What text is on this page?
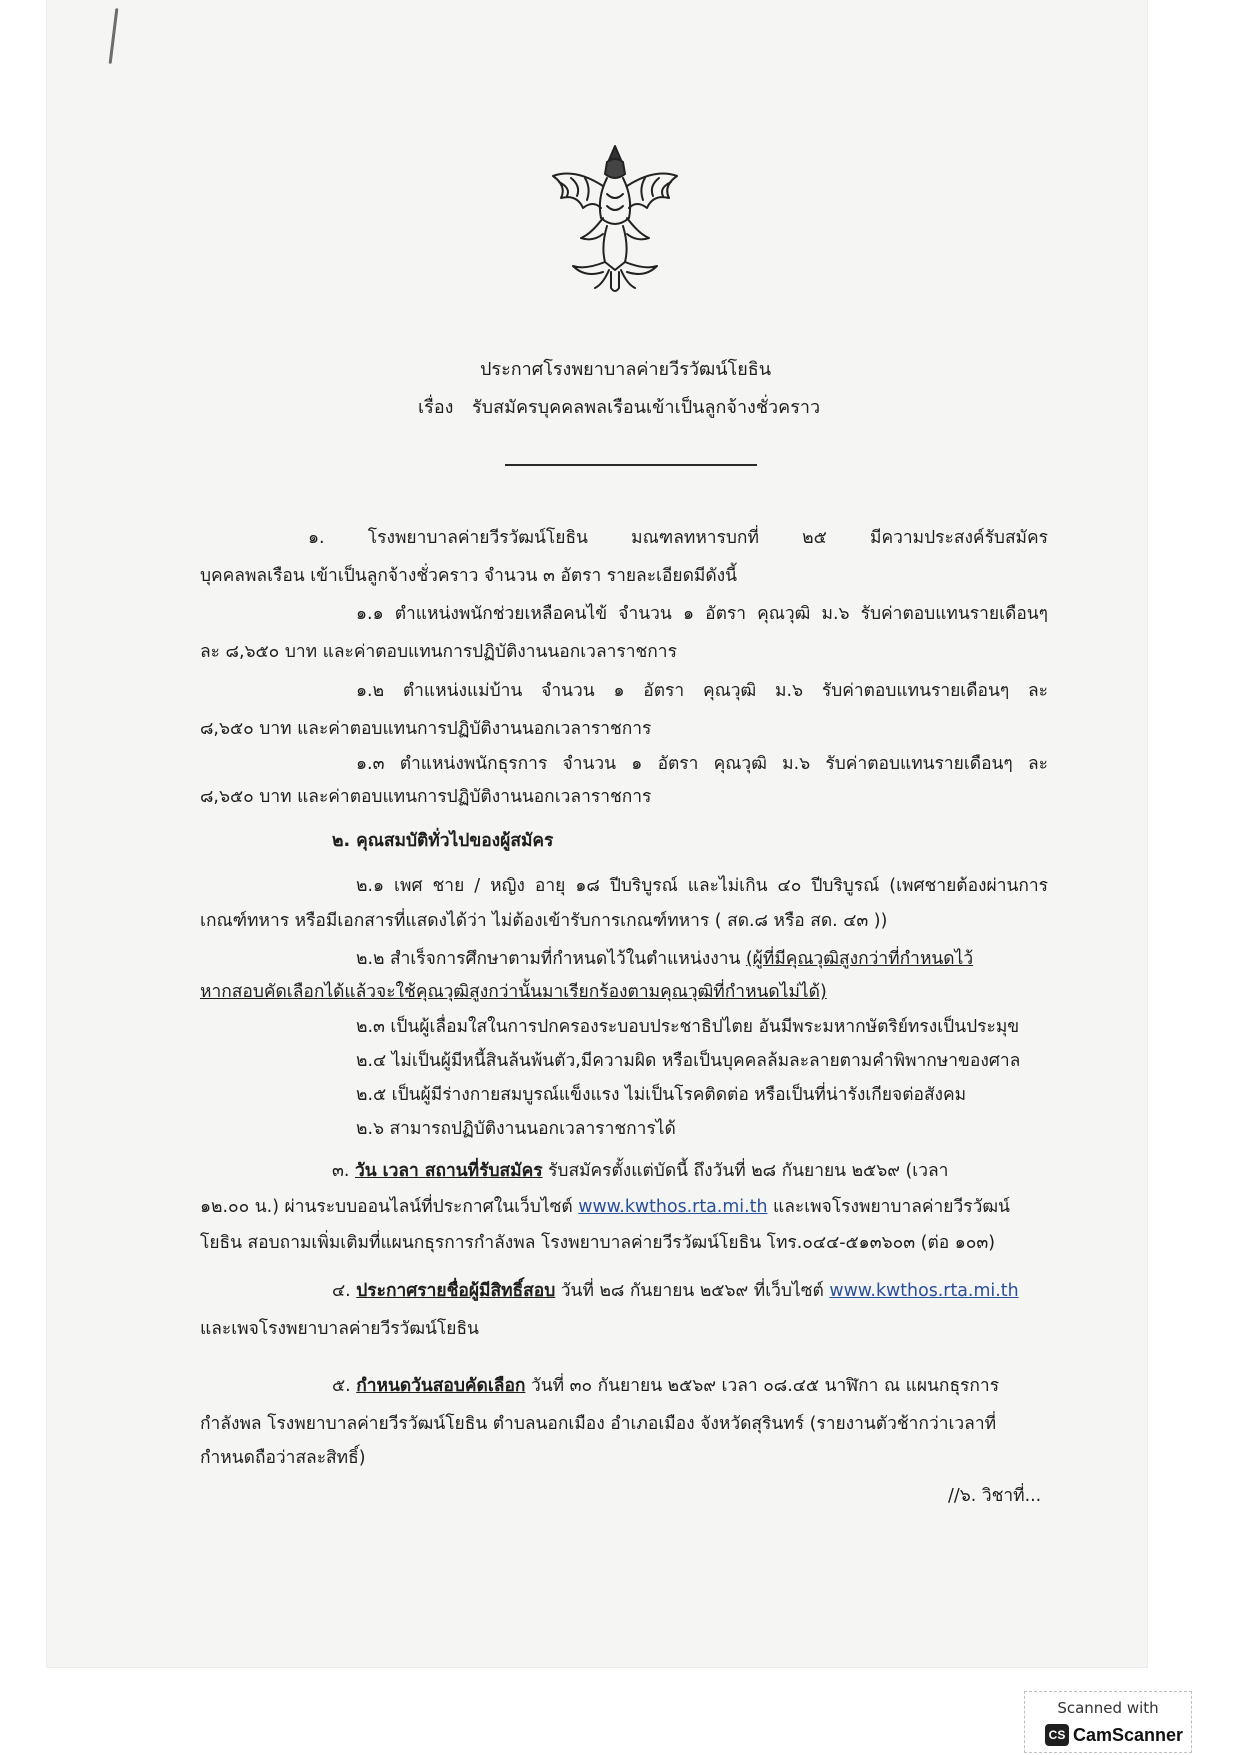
ประกาศโรงพยาบาลค่ายวีรวัฒน์โยธิน
เรื่อง รับสมัครบุคคลพลเรือนเข้าเป็นลูกจ้างชั่วคราว
๑. โรงพยาบาลค่ายวีรวัฒน์โยธิน มณฑลทหารบกที่ ๒๕ มีความประสงค์รับสมัคร
บุคคลพลเรือน เข้าเป็นลูกจ้างชั่วคราว จำนวน ๓ อัตรา รายละเอียดมีดังนี้
๑.๑ ตำแหน่งพนักช่วยเหลือคนไข้ จำนวน ๑ อัตรา คุณวุฒิ ม.๖ รับค่าตอบแทนรายเดือนๆ
ละ ๘,๖๕๐ บาท และค่าตอบแทนการปฏิบัติงานนอกเวลาราชการ
๑.๒ ตำแหน่งแม่บ้าน จำนวน ๑ อัตรา คุณวุฒิ ม.๖ รับค่าตอบแทนรายเดือนๆ ละ
๘,๖๕๐ บาท และค่าตอบแทนการปฏิบัติงานนอกเวลาราชการ
๑.๓ ตำแหน่งพนักธุรการ จำนวน ๑ อัตรา คุณวุฒิ ม.๖ รับค่าตอบแทนรายเดือนๆ ละ
๘,๖๕๐ บาท และค่าตอบแทนการปฏิบัติงานนอกเวลาราชการ
๒. คุณสมบัติทั่วไปของผู้สมัคร
๒.๑ เพศ ชาย / หญิง อายุ ๑๘ ปีบริบูรณ์ และไม่เกิน ๔๐ ปีบริบูรณ์ (เพศชายต้องผ่านการ
เกณฑ์ทหาร หรือมีเอกสารที่แสดงได้ว่า ไม่ต้องเข้ารับการเกณฑ์ทหาร ( สด.๘ หรือ สด. ๔๓ ))
๒.๒ สำเร็จการศึกษาตามที่กำหนดไว้ในตำแหน่งงาน (ผู้ที่มีคุณวุฒิสูงกว่าที่กำหนดไว้
หากสอบคัดเลือกได้แล้วจะใช้คุณวุฒิสูงกว่านั้นมาเรียกร้องตามคุณวุฒิที่กำหนดไม่ได้)
๒.๓ เป็นผู้เลื่อมใสในการปกครองระบอบประชาธิปไตย อันมีพระมหากษัตริย์ทรงเป็นประมุข
๒.๔ ไม่เป็นผู้มีหนี้สินล้นพ้นตัว,มีความผิด หรือเป็นบุคคลล้มละลายตามคำพิพากษาของศาล
๒.๕ เป็นผู้มีร่างกายสมบูรณ์แข็งแรง ไม่เป็นโรคติดต่อ หรือเป็นที่น่ารังเกียจต่อสังคม
๒.๖ สามารถปฏิบัติงานนอกเวลาราชการได้
๓. วัน เวลา สถานที่รับสมัคร รับสมัครตั้งแต่บัดนี้ ถึงวันที่ ๒๘ กันยายน ๒๕๖๙ (เวลา
๑๒.๐๐ น.) ผ่านระบบออนไลน์ที่ประกาศในเว็บไซต์ www.kwthos.rta.mi.th และเพจโรงพยาบาลค่ายวีรวัฒน์
โยธิน สอบถามเพิ่มเติมที่แผนกธุรการกำลังพล โรงพยาบาลค่ายวีรวัฒน์โยธิน โทร.๐๔๔-๕๑๓๖๐๓ (ต่อ ๑๐๓)
๔. ประกาศรายชื่อผู้มีสิทธิ์สอบ วันที่ ๒๘ กันยายน ๒๕๖๙ ที่เว็บไซต์ www.kwthos.rta.mi.th
และเพจโรงพยาบาลค่ายวีรวัฒน์โยธิน
๕. กำหนดวันสอบคัดเลือก วันที่ ๓๐ กันยายน ๒๕๖๙ เวลา ๐๘.๔๕ นาฬิกา ณ แผนกธุรการ
กำลังพล โรงพยาบาลค่ายวีรวัฒน์โยธิน ตำบลนอกเมือง อำเภอเมือง จังหวัดสุรินทร์ (รายงานตัวช้ากว่าเวลาที่
กำหนดถือว่าสละสิทธิ์)
//๖. วิชาที่...
Scanned with
CS CamScanner
